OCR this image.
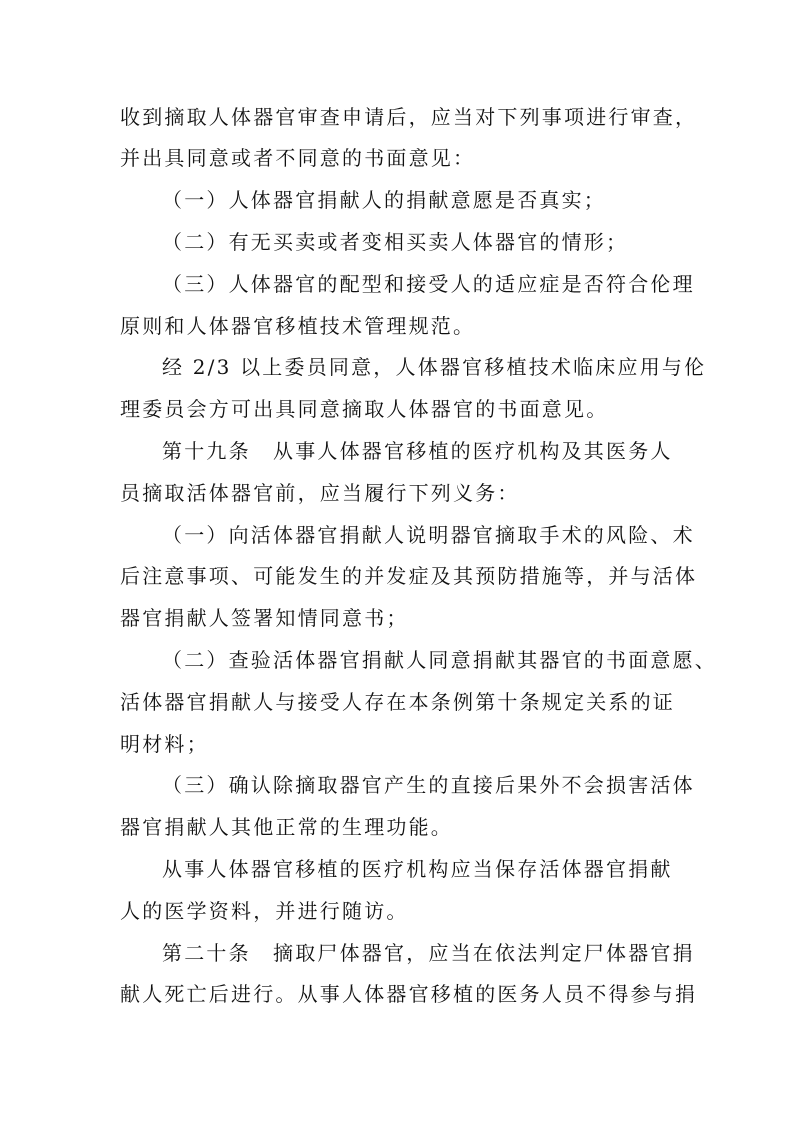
收到摘取人体器官审查申请后，应当对下列事项进行审查，
并出具同意或者不同意的书面意见：
（一）人体器官捐献人的捐献意愿是否真实；
（二）有无买卖或者变相买卖人体器官的情形；
（三）人体器官的配型和接受人的适应症是否符合伦理
原则和人体器官移植技术管理规范。
经 2/3 以上委员同意，人体器官移植技术临床应用与伦
理委员会方可出具同意摘取人体器官的书面意见。
第十九条　从事人体器官移植的医疗机构及其医务人
员摘取活体器官前，应当履行下列义务：
（一）向活体器官捐献人说明器官摘取手术的风险、术
后注意事项、可能发生的并发症及其预防措施等，并与活体
器官捐献人签署知情同意书；
（二）查验活体器官捐献人同意捐献其器官的书面意愿、
活体器官捐献人与接受人存在本条例第十条规定关系的证
明材料；
（三）确认除摘取器官产生的直接后果外不会损害活体
器官捐献人其他正常的生理功能。
从事人体器官移植的医疗机构应当保存活体器官捐献
人的医学资料，并进行随访。
第二十条　摘取尸体器官，应当在依法判定尸体器官捐
献人死亡后进行。从事人体器官移植的医务人员不得参与捐
